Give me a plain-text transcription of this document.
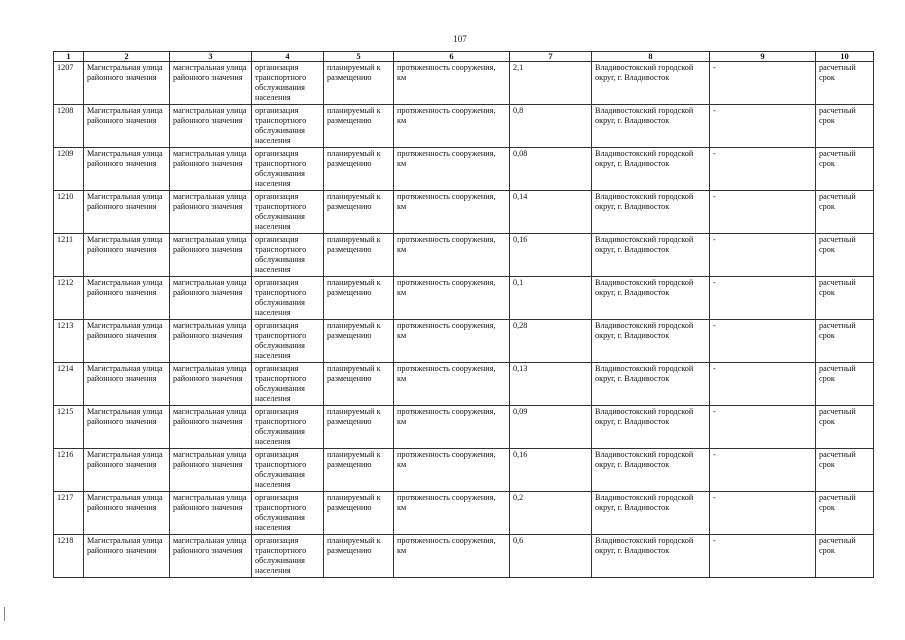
107
1	2	3	4	5	6	7	8	9	10
1207	Магистральная улица районного значения	магистральная улица районного значения	организация транспортного обслуживания населения	планируемый к размещению	протяженность сооружения, км	2,1	Владивостокский городской округ, г. Владивосток	-	расчетный срок
1208	Магистральная улица районного значения	магистральная улица районного значения	организация транспортного обслуживания населения	планируемый к размещению	протяженность сооружения, км	0,8	Владивостокский городской округ, г. Владивосток	-	расчетный срок
1209	Магистральная улица районного значения	магистральная улица районного значения	организация транспортного обслуживания населения	планируемый к размещению	протяженность сооружения, км	0,08	Владивостокский городской округ, г. Владивосток	-	расчетный срок
1210	Магистральная улица районного значения	магистральная улица районного значения	организация транспортного обслуживания населения	планируемый к размещению	протяженность сооружения, км	0,14	Владивостокский городской округ, г. Владивосток	-	расчетный срок
1211	Магистральная улица районного значения	магистральная улица районного значения	организация транспортного обслуживания населения	планируемый к размещению	протяженность сооружения, км	0,16	Владивостокский городской округ, г. Владивосток	-	расчетный срок
1212	Магистральная улица районного значения	магистральная улица районного значения	организация транспортного обслуживания населения	планируемый к размещению	протяженность сооружения, км	0,1	Владивостокский городской округ, г. Владивосток	-	расчетный срок
1213	Магистральная улица районного значения	магистральная улица районного значения	организация транспортного обслуживания населения	планируемый к размещению	протяженность сооружения, км	0,28	Владивостокский городской округ, г. Владивосток	-	расчетный срок
1214	Магистральная улица районного значения	магистральная улица районного значения	организация транспортного обслуживания населения	планируемый к размещению	протяженность сооружения, км	0,13	Владивостокский городской округ, г. Владивосток	-	расчетный срок
1215	Магистральная улица районного значения	магистральная улица районного значения	организация транспортного обслуживания населения	планируемый к размещению	протяженность сооружения, км	0,09	Владивостокский городской округ, г. Владивосток	-	расчетный срок
1216	Магистральная улица районного значения	магистральная улица районного значения	организация транспортного обслуживания населения	планируемый к размещению	протяженность сооружения, км	0,16	Владивостокский городской округ, г. Владивосток	-	расчетный срок
1217	Магистральная улица районного значения	магистральная улица районного значения	организация транспортного обслуживания населения	планируемый к размещению	протяженность сооружения, км	0,2	Владивостокский городской округ, г. Владивосток	-	расчетный срок
1218	Магистральная улица районного значения	магистральная улица районного значения	организация транспортного обслуживания населения	планируемый к размещению	протяженность сооружения, км	0,6	Владивостокский городской округ, г. Владивосток	-	расчетный срок
